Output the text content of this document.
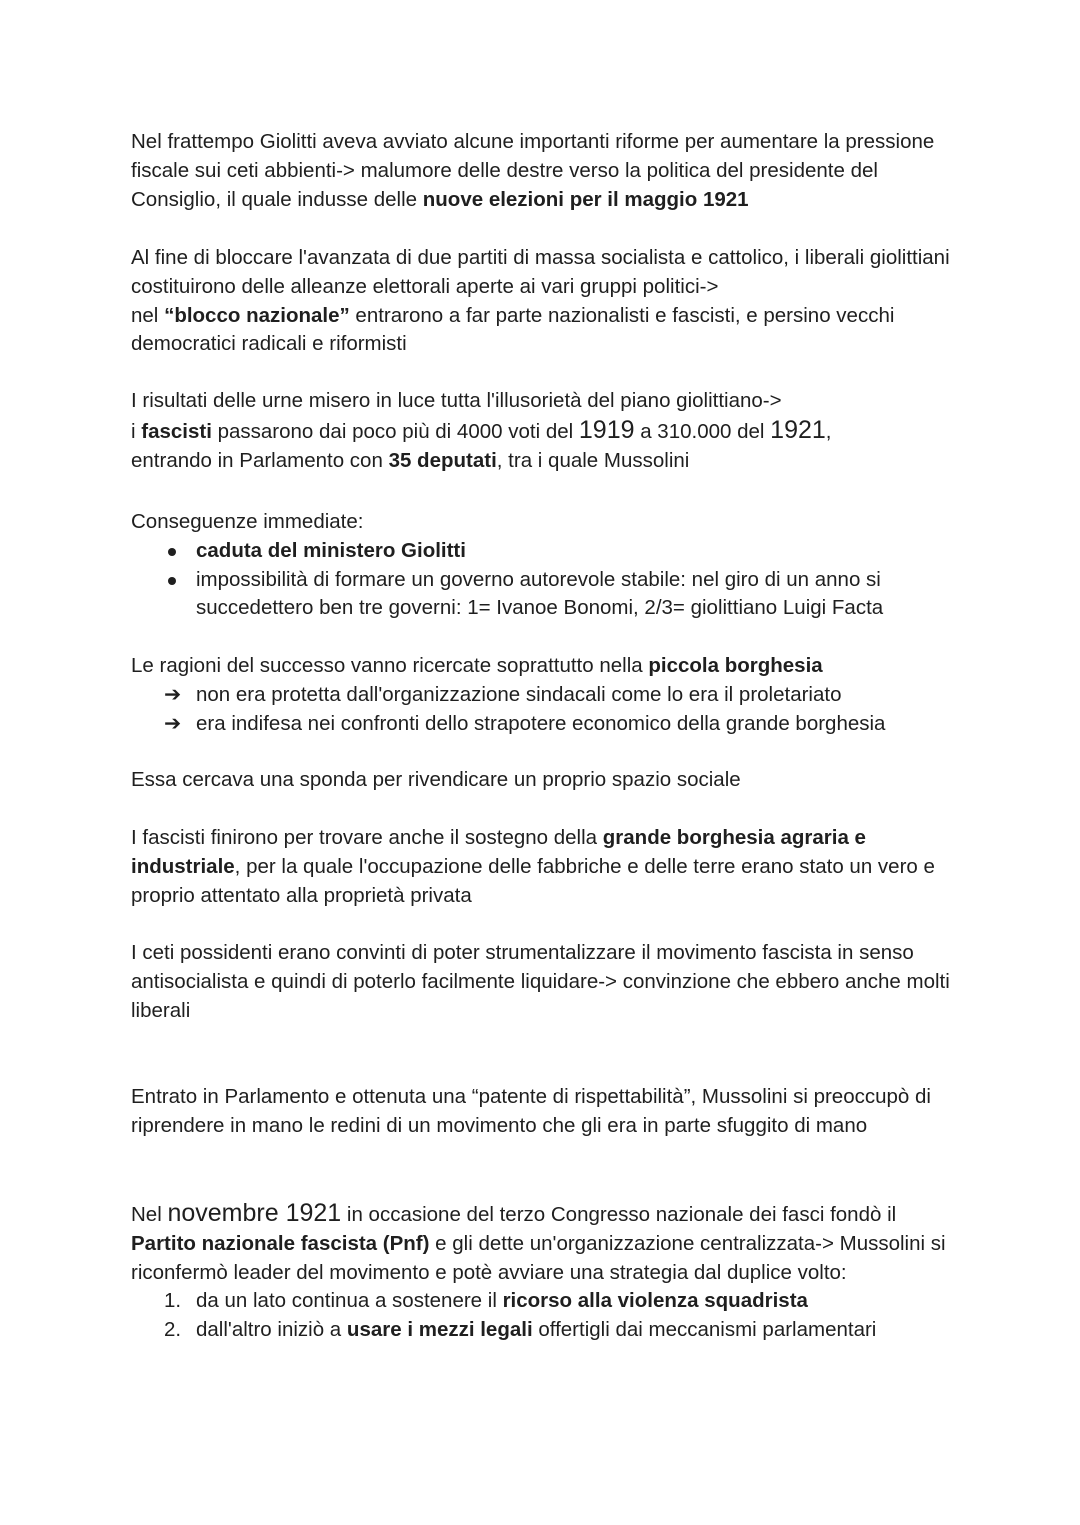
Nel frattempo Giolitti aveva avviato alcune importanti riforme per aumentare la pressione fiscale sui ceti abbienti-> malumore delle destre verso la politica del presidente del Consiglio, il quale indusse delle nuove elezioni per il maggio 1921

Al fine di bloccare l'avanzata di due partiti di massa socialista e cattolico, i liberali giolittiani costituirono delle alleanze elettorali aperte ai vari gruppi politici->
nel “blocco nazionale” entrarono a far parte nazionalisti e fascisti, e persino vecchi democratici radicali e riformisti

I risultati delle urne misero in luce tutta l'illusorietà del piano giolittiano->
i fascisti passarono dai poco più di 4000 voti del 1919 a 310.000 del 1921,
entrando in Parlamento con 35 deputati, tra i quale Mussolini

Conseguenze immediate:
caduta del ministero Giolitti
impossibilità di formare un governo autorevole stabile: nel giro di un anno si succedettero ben tre governi: 1= Ivanoe Bonomi, 2/3= giolittiano Luigi Facta
Le ragioni del successo vanno ricercate soprattutto nella piccola borghesia
➔ non era protetta dall'organizzazione sindacali come lo era il proletariato
➔ era indifesa nei confronti dello strapotere economico della grande borghesia

Essa cercava una sponda per rivendicare un proprio spazio sociale

I fascisti finirono per trovare anche il sostegno della grande borghesia agraria e industriale, per la quale l'occupazione delle fabbriche e delle terre erano stato un vero e proprio attentato alla proprietà privata

I ceti possidenti erano convinti di poter strumentalizzare il movimento fascista in senso antisocialista e quindi di poterlo facilmente liquidare-> convinzione che ebbero anche molti liberali

Entrato in Parlamento e ottenuta una “patente di rispettabilità”, Mussolini si preoccupò di riprendere in mano le redini di un movimento che gli era in parte sfuggito di mano

Nel novembre 1921 in occasione del terzo Congresso nazionale dei fasci fondò il Partito nazionale fascista (Pnf) e gli dette un'organizzazione centralizzata-> Mussolini si riconfermò leader del movimento e potè avviare una strategia dal duplice volto:
1. da un lato continua a sostenere il ricorso alla violenza squadrista
2. dall'altro iniziò a usare i mezzi legali offertigli dai meccanismi parlamentari
